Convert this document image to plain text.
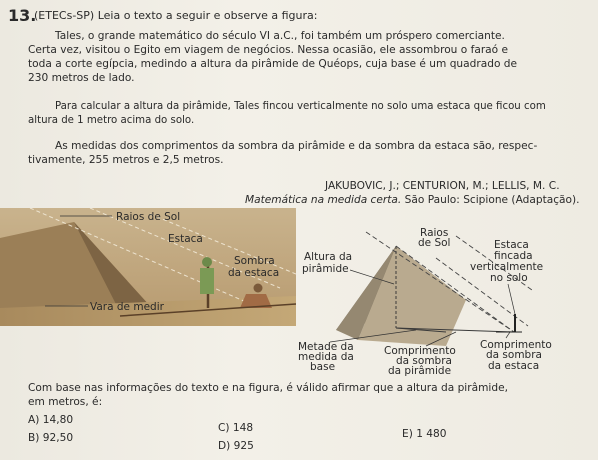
13.
(ETECs-SP) Leia o texto a seguir e observe a figura:
Tales, o grande matemático do século VI a.C., foi também um próspero comerciante.
Certa vez, visitou o Egito em viagem de negócios. Nessa ocasião, ele assombrou o faraó e
toda a corte egípcia, medindo a altura da pirâmide de Quéops, cuja base é um quadrado de
230 metros de lado.
Para calcular a altura da pirâmide, Tales fincou verticalmente no solo uma estaca que ficou com
altura de 1 metro acima do solo.
As medidas dos comprimentos da sombra da pirâmide e da sombra da estaca são, respec-
tivamente, 255 metros e 2,5 metros.
JAKUBOVIC, J.; CENTURION, M.; LELLIS, M. C.
Matemática na medida certa. São Paulo: Scipione (Adaptação).
Raios de Sol
Estaca
Sombra
da estaca
Vara de medir
Raios
de Sol
Altura da
pirâmide
Estaca
fincada
verticalmente
no solo
Metade da
medida da
base
Comprimento
da sombra
da pirâmide
Comprimento
da sombra
da estaca
Com base nas informações do texto e na figura, é válido afirmar que a altura da pirâmide,
em metros, é:
A) 14,80
B) 92,50
C) 148
D) 925
E) 1 480
